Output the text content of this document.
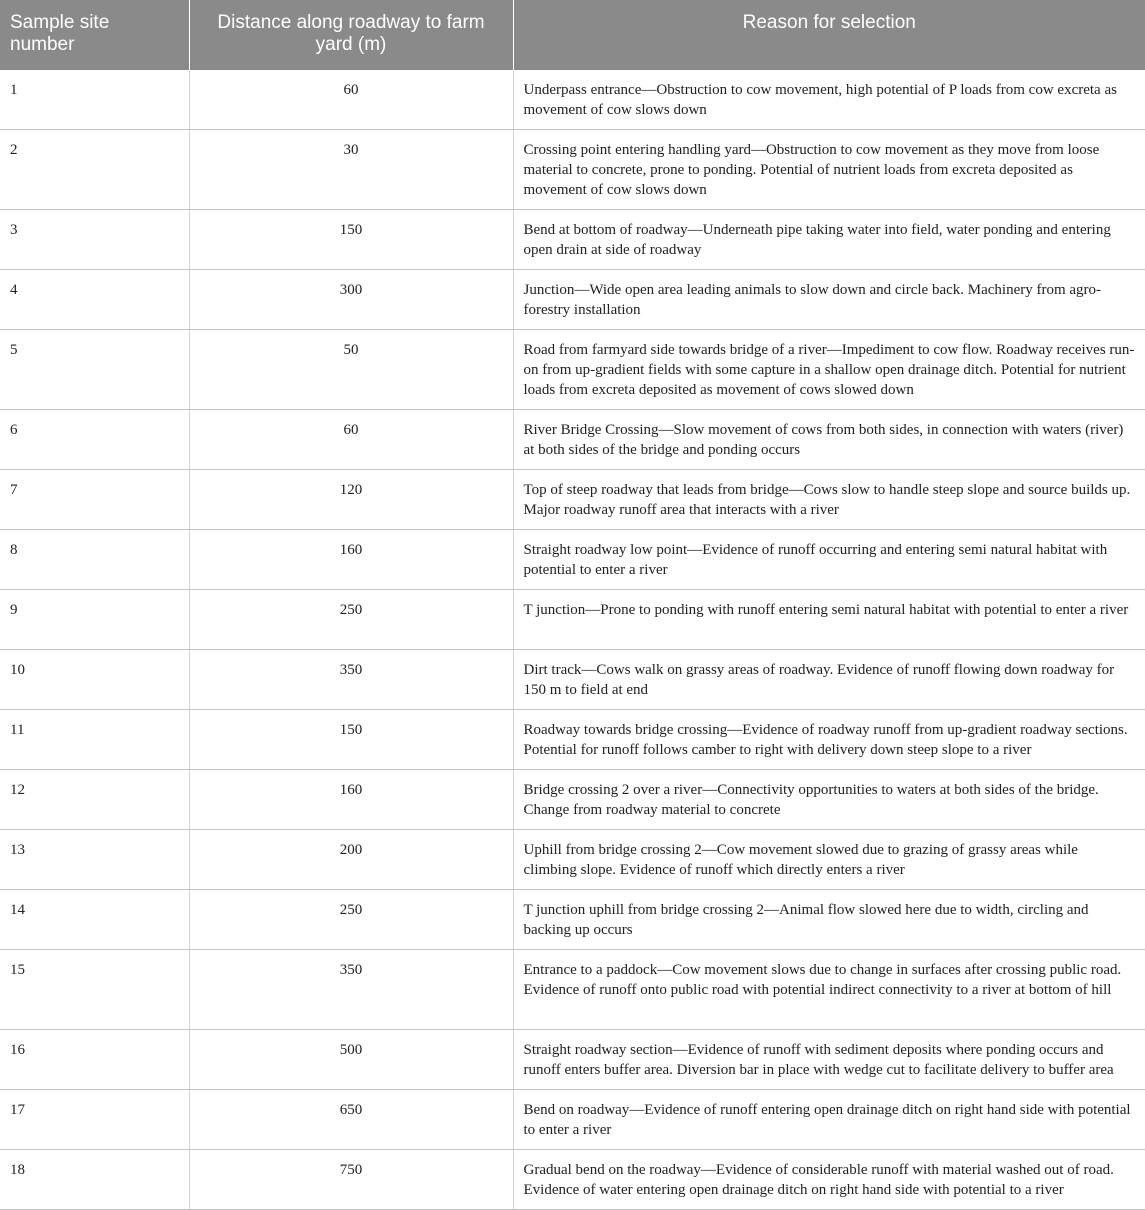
Sample site number	Distance along roadway to farm yard (m)	Reason for selection
1	60	Underpass entrance—Obstruction to cow movement, high potential of P loads from cow excreta as movement of cow slows down
2	30	Crossing point entering handling yard—Obstruction to cow movement as they move from loose material to concrete, prone to ponding. Potential of nutrient loads from excreta deposited as movement of cow slows down
3	150	Bend at bottom of roadway—Underneath pipe taking water into field, water ponding and entering open drain at side of roadway
4	300	Junction—Wide open area leading animals to slow down and circle back. Machinery from agro-forestry installation
5	50	Road from farmyard side towards bridge of a river—Impediment to cow flow. Roadway receives run-on from up-gradient fields with some capture in a shallow open drainage ditch. Potential for nutrient loads from excreta deposited as movement of cows slowed down
6	60	River Bridge Crossing—Slow movement of cows from both sides, in connection with waters (river) at both sides of the bridge and ponding occurs
7	120	Top of steep roadway that leads from bridge—Cows slow to handle steep slope and source builds up. Major roadway runoff area that interacts with a river
8	160	Straight roadway low point—Evidence of runoff occurring and entering semi natural habitat with potential to enter a river
9	250	T junction—Prone to ponding with runoff entering semi natural habitat with potential to enter a river
10	350	Dirt track—Cows walk on grassy areas of roadway. Evidence of runoff flowing down roadway for 150 m to field at end
11	150	Roadway towards bridge crossing—Evidence of roadway runoff from up-gradient roadway sections. Potential for runoff follows camber to right with delivery down steep slope to a river
12	160	Bridge crossing 2 over a river—Connectivity opportunities to waters at both sides of the bridge. Change from roadway material to concrete
13	200	Uphill from bridge crossing 2—Cow movement slowed due to grazing of grassy areas while climbing slope. Evidence of runoff which directly enters a river
14	250	T junction uphill from bridge crossing 2—Animal flow slowed here due to width, circling and backing up occurs
15	350	Entrance to a paddock—Cow movement slows due to change in surfaces after crossing public road. Evidence of runoff onto public road with potential indirect connectivity to a river at bottom of hill
16	500	Straight roadway section—Evidence of runoff with sediment deposits where ponding occurs and runoff enters buffer area. Diversion bar in place with wedge cut to facilitate delivery to buffer area
17	650	Bend on roadway—Evidence of runoff entering open drainage ditch on right hand side with potential to enter a river
18	750	Gradual bend on the roadway—Evidence of considerable runoff with material washed out of road. Evidence of water entering open drainage ditch on right hand side with potential to a river
